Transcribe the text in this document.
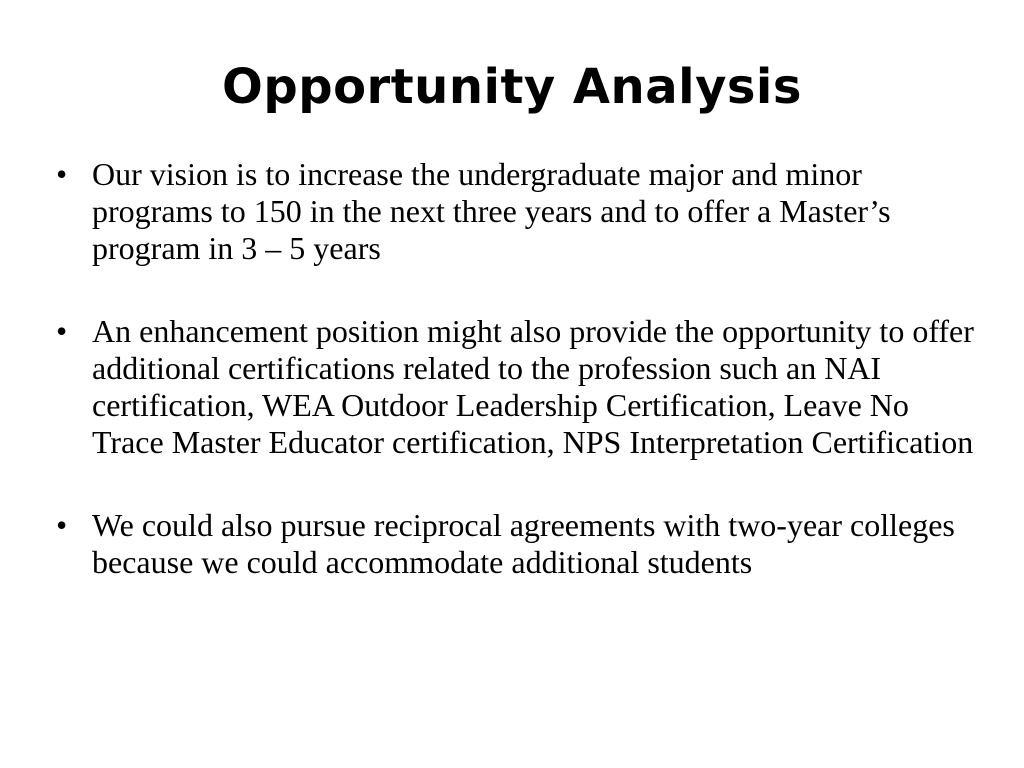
Opportunity Analysis
• Our vision is to increase the undergraduate major and minor programs to 150 in the next three years and to offer a Master’s program in 3 – 5 years
• An enhancement position might also provide the opportunity to offer additional certifications related to the profession such an NAI certification, WEA Outdoor Leadership Certification, Leave No Trace Master Educator certification, NPS Interpretation Certification
• We could also pursue reciprocal agreements with two-year colleges because we could accommodate additional students
